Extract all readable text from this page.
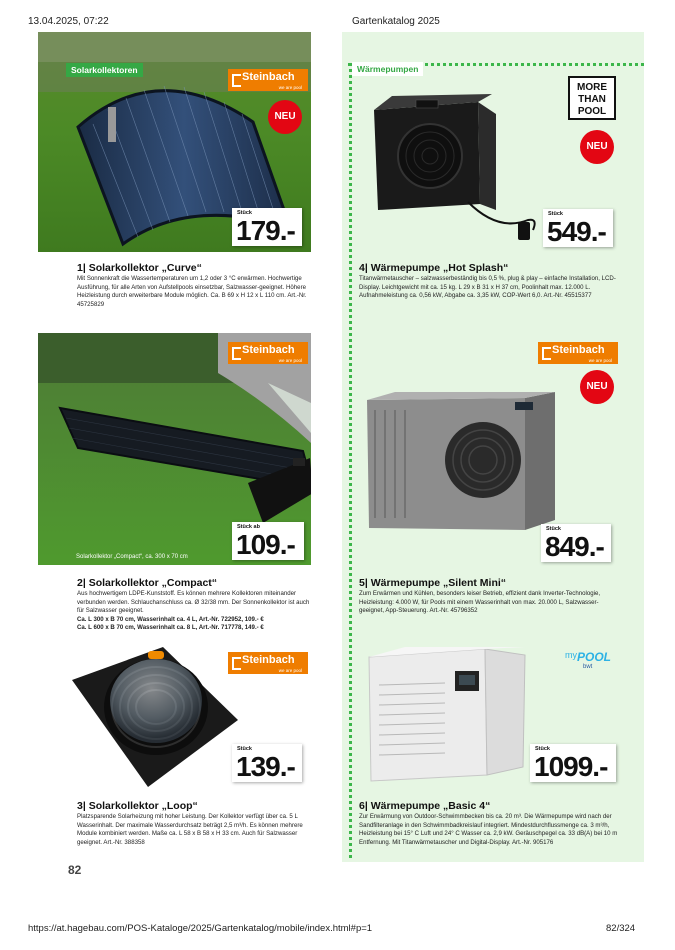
13.04.2025, 07:22	Gartenkatalog 2025
Solarkollektoren
Steinbach
we are pool
NEU
Stück
179.-
1| Solarkollektor „Curve“
Mit Sonnenkraft die Wassertemperaturen um 1,2 oder 3 °C erwärmen. Hochwertige Ausführung, für alle Arten von Aufstellpools einsetzbar, Salzwasser-geeignet. Höhere Heizleistung durch erweiterbare Module möglich. Ca. B 69 x H 12 x L 110 cm. Art.-Nr. 45725829
Steinbach
we are pool
Solarkollektor „Compact“, ca. 300 x 70 cm
Stück ab
109.-
2| Solarkollektor „Compact“
Aus hochwertigem LDPE-Kunststoff. Es können mehrere Kollektoren miteinander verbunden werden. Schlauchanschluss ca. Ø 32/38 mm. Der Sonnenkollektor ist auch für Salzwasser geeignet.
Ca. L 300 x B 70 cm, Wasserinhalt ca. 4 L, Art.-Nr. 722952, 109.- €
Ca. L 600 x B 70 cm, Wasserinhalt ca. 8 L, Art.-Nr. 717778, 149.- €
Steinbach
we are pool
Stück
139.-
3| Solarkollektor „Loop“
Platzsparende Solarheizung mit hoher Leistung. Der Kollektor verfügt über ca. 5 L Wasserinhalt. Der maximale Wasserdurchsatz beträgt 2,5 m³/h. Es können mehrere Module kombiniert werden. Maße ca. L 58 x B 58 x H 33 cm. Auch für Salzwasser geeignet. Art.-Nr. 388358
82
Wärmepumpen
MORE
THAN
POOL
NEU
Stück
549.-
4| Wärmepumpe „Hot Splash“
Titanwärmetauscher – salzwasserbeständig bis 0,5 %, plug & play – einfache Installation, LCD-Display. Leichtgewicht mit ca. 15 kg. L 29 x B 31 x H 37 cm, Poolinhalt max. 12.000 L. Aufnahmeleistung ca. 0,56 kW, Abgabe ca. 3,35 kW, COP-Wert 6,0. Art.-Nr. 45515377
Steinbach
we are pool
NEU
Stück
849.-
5| Wärmepumpe „Silent Mini“
Zum Erwärmen und Kühlen, besonders leiser Betrieb, effizient dank Inverter-Technologie, Heizleistung: 4.000 W, für Pools mit einem Wasserinhalt von max. 20.000 L, Salzwasser-geeignet, App-Steuerung. Art.-Nr. 45796352
my POOL
bwt
Stück
1099.-
6| Wärmepumpe „Basic 4“
Zur Erwärmung von Outdoor-Schwimmbecken bis ca. 20 m³. Die Wärmepumpe wird nach der Sandfilteranlage in den Schwimmbadkreislauf integriert. Mindestdurchflussmenge ca. 3 m³/h, Heizleistung bei 15° C Luft und 24° C Wasser ca. 2,9 kW. Geräuschpegel ca. 33 dB(A) bei 10 m Entfernung. Mit Titanwärmetauscher und Digital-Display. Art.-Nr. 905176
https://at.hagebau.com/POS-Kataloge/2025/Gartenkatalog/mobile/index.html#p=1	82/324
